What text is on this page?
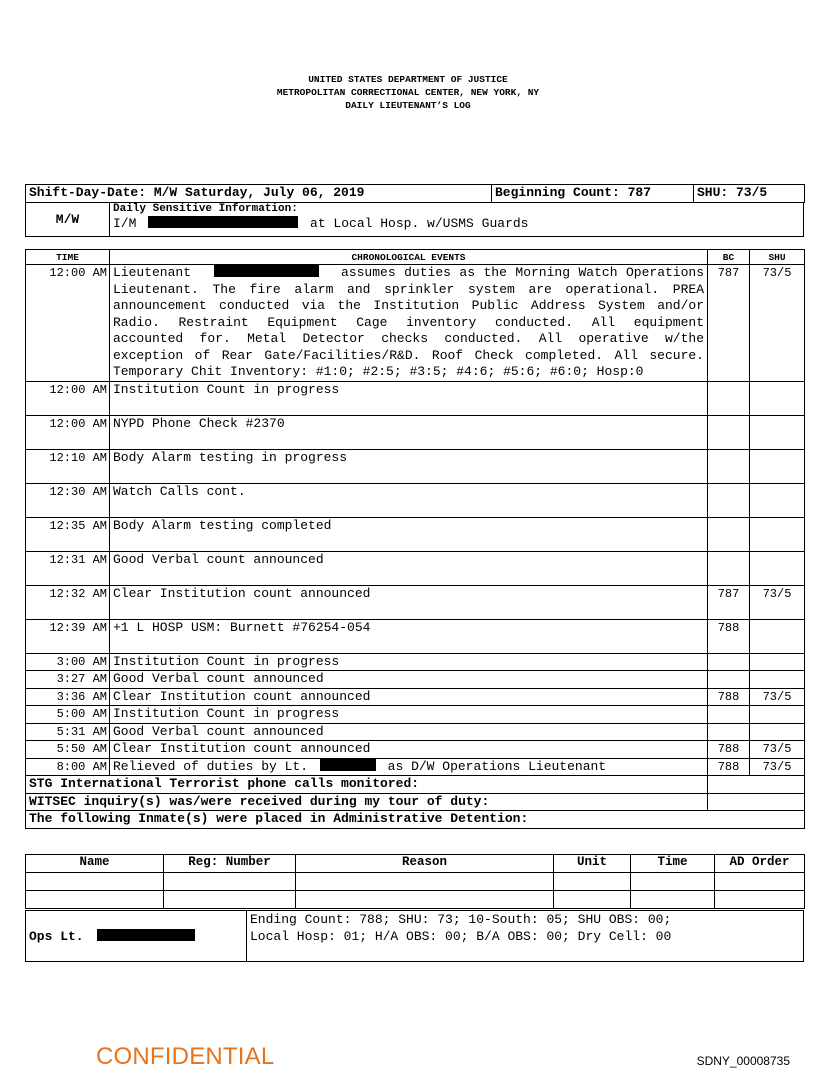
UNITED STATES DEPARTMENT OF JUSTICE
METROPOLITAN CORRECTIONAL CENTER, NEW YORK, NY
DAILY LIEUTENANT’S LOG
Shift-Day-Date: M/W Saturday, July 06, 2019	Beginning Count: 787	SHU: 73/5
M/W	
Daily Sensitive Information:
I/M	at Local Hosp. w/USMS Guards
TIME	CHRONOLOGICAL EVENTS	BC	SHU
12:00 AM	Lieutenant assumes duties as the Morning Watch Operations Lieutenant. The fire alarm and sprinkler system are operational. PREA announcement conducted via the Institution Public Address System and/or Radio. Restraint Equipment Cage inventory conducted. All equipment accounted for. Metal Detector checks conducted. All operative w/the exception of Rear Gate/Facilities/R&D. Roof Check completed. All secure. Temporary Chit Inventory: #1:0; #2:5; #3:5; #4:6; #5:6; #6:0; Hosp:0	787	73/5
12:00 AM	Institution Count in progress		
12:00 AM	NYPD Phone Check #2370		
12:10 AM	Body Alarm testing in progress		
12:30 AM	Watch Calls cont.		
12:35 AM	Body Alarm testing completed		
12:31 AM	Good Verbal count announced		
12:32 AM	Clear Institution count announced	787	73/5
12:39 AM	+1 L HOSP USM: Burnett #76254-054	788	
3:00 AM	Institution Count in progress		
3:27 AM	Good Verbal count announced		
3:36 AM	Clear Institution count announced	788	73/5
5:00 AM	Institution Count in progress		
5:31 AM	Good Verbal count announced		
5:50 AM	Clear Institution count announced	788	73/5
8:00 AM	Relieved of duties by Lt. as D/W Operations Lieutenant	788	73/5
STG International Terrorist phone calls monitored:			
WITSEC inquiry(s) was/were received during my tour of duty:			
The following Inmate(s) were placed in Administrative Detention:			
Name	Reg: Number	Reason	Unit	Time	AD Order

Ops Lt.	
Ending Count: 788; SHU: 73; 10-South: 05; SHU OBS: 00;
Local Hosp: 01; H/A OBS: 00; B/A OBS: 00; Dry Cell: 00
CONFIDENTIAL	SDNY_00008735
